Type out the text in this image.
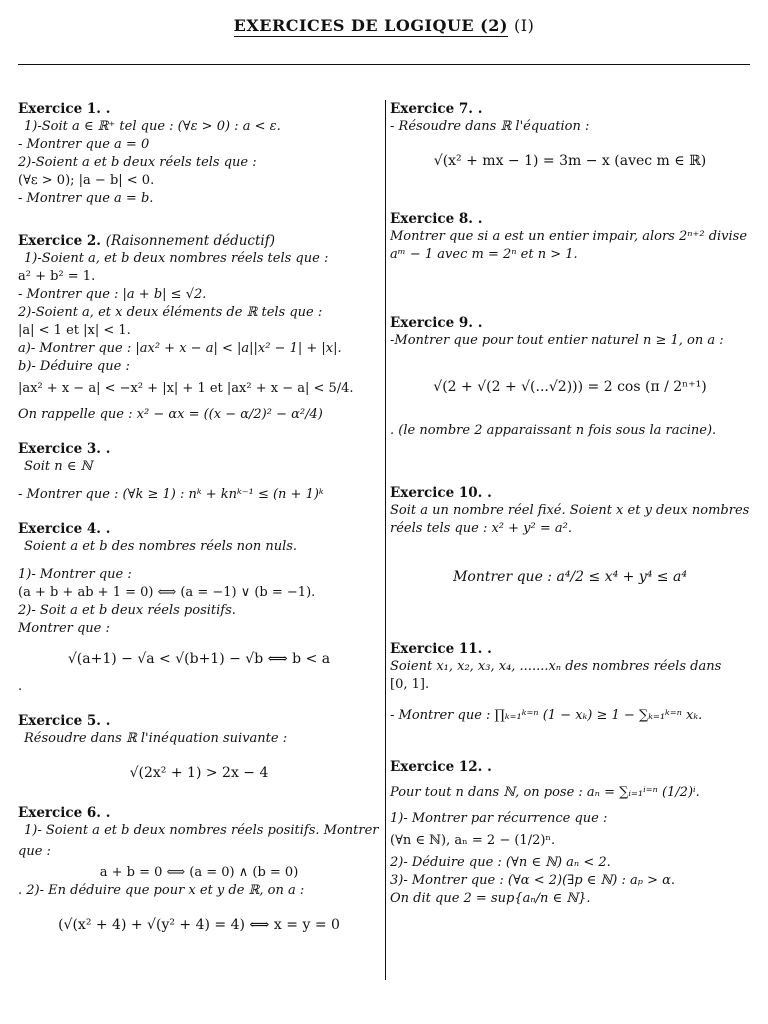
EXERCICES DE LOGIQUE (2) (I)
Exercice 1. .
1)-Soit a ∈ ℝ⁺ tel que : (∀ε > 0) : a < ε.
- Montrer que a = 0
2)-Soient a et b deux réels tels que :
(∀ε > 0); |a − b| < 0.
- Montrer que a = b.
Exercice 2. (Raisonnement déductif)
1)-Soient a, et b deux nombres réels tels que :
a² + b² = 1.
- Montrer que : |a + b| ≤ √2.
2)-Soient a, et x deux éléments de ℝ tels que :
|a| < 1 et |x| < 1.
a)- Montrer que : |ax² + x − a| < |a||x² − 1| + |x|.
b)- Déduire que :
|ax² + x − a| < −x² + |x| + 1 et |ax² + x − a| < 5/4.
On rappelle que : x² − αx = ((x − α/2)² − α²/4)
Exercice 3. .
Soit n ∈ ℕ
- Montrer que : (∀k ≥ 1) : nᵏ + knᵏ⁻¹ ≤ (n + 1)ᵏ
Exercice 4. .
Soient a et b des nombres réels non nuls.
1)- Montrer que :
(a + b + ab + 1 = 0) ⟺ (a = −1) ∨ (b = −1).
2)- Soit a et b deux réels positifs.
Montrer que :
√(a+1) − √a < √(b+1) − √b ⟺ b < a
.
Exercice 5. .
Résoudre dans ℝ l'inéquation suivante :
√(2x² + 1) > 2x − 4
Exercice 6. .
1)- Soient a et b deux nombres réels positifs. Montrer
que :
a + b = 0 ⟺ (a = 0) ∧ (b = 0)
. 2)- En déduire que pour x et y de ℝ, on a :
(√(x² + 4) + √(y² + 4) = 4) ⟺ x = y = 0
Exercice 7. .
- Résoudre dans ℝ l'équation :
√(x² + mx − 1) = 3m − x (avec m ∈ ℝ)
Exercice 8. .
Montrer que si a est un entier impair, alors 2ⁿ⁺² divise
aᵐ − 1 avec m = 2ⁿ et n > 1.
Exercice 9. .
-Montrer que pour tout entier naturel n ≥ 1, on a :
√(2 + √(2 + √(...√2))) = 2 cos (π / 2ⁿ⁺¹)
. (le nombre 2 apparaissant n fois sous la racine).
Exercice 10. .
Soit a un nombre réel fixé. Soient x et y deux nombres
réels tels que : x² + y² = a².
Montrer que : a⁴/2 ≤ x⁴ + y⁴ ≤ a⁴
Exercice 11. .
Soient x₁, x₂, x₃, x₄, .......xₙ des nombres réels dans
[0, 1].
- Montrer que : ∏ₖ₌₁ᵏ⁼ⁿ (1 − xₖ) ≥ 1 − ∑ₖ₌₁ᵏ⁼ⁿ xₖ.
Exercice 12. .
Pour tout n dans ℕ, on pose : aₙ = ∑ᵢ₌₁ⁱ⁼ⁿ (1/2)ⁱ.
1)- Montrer par récurrence que :
(∀n ∈ ℕ), aₙ = 2 − (1/2)ⁿ.
2)- Déduire que : (∀n ∈ ℕ) aₙ < 2.
3)- Montrer que : (∀α < 2)(∃p ∈ ℕ) : aₚ > α.
On dit que 2 = sup{aₙ/n ∈ ℕ}.
